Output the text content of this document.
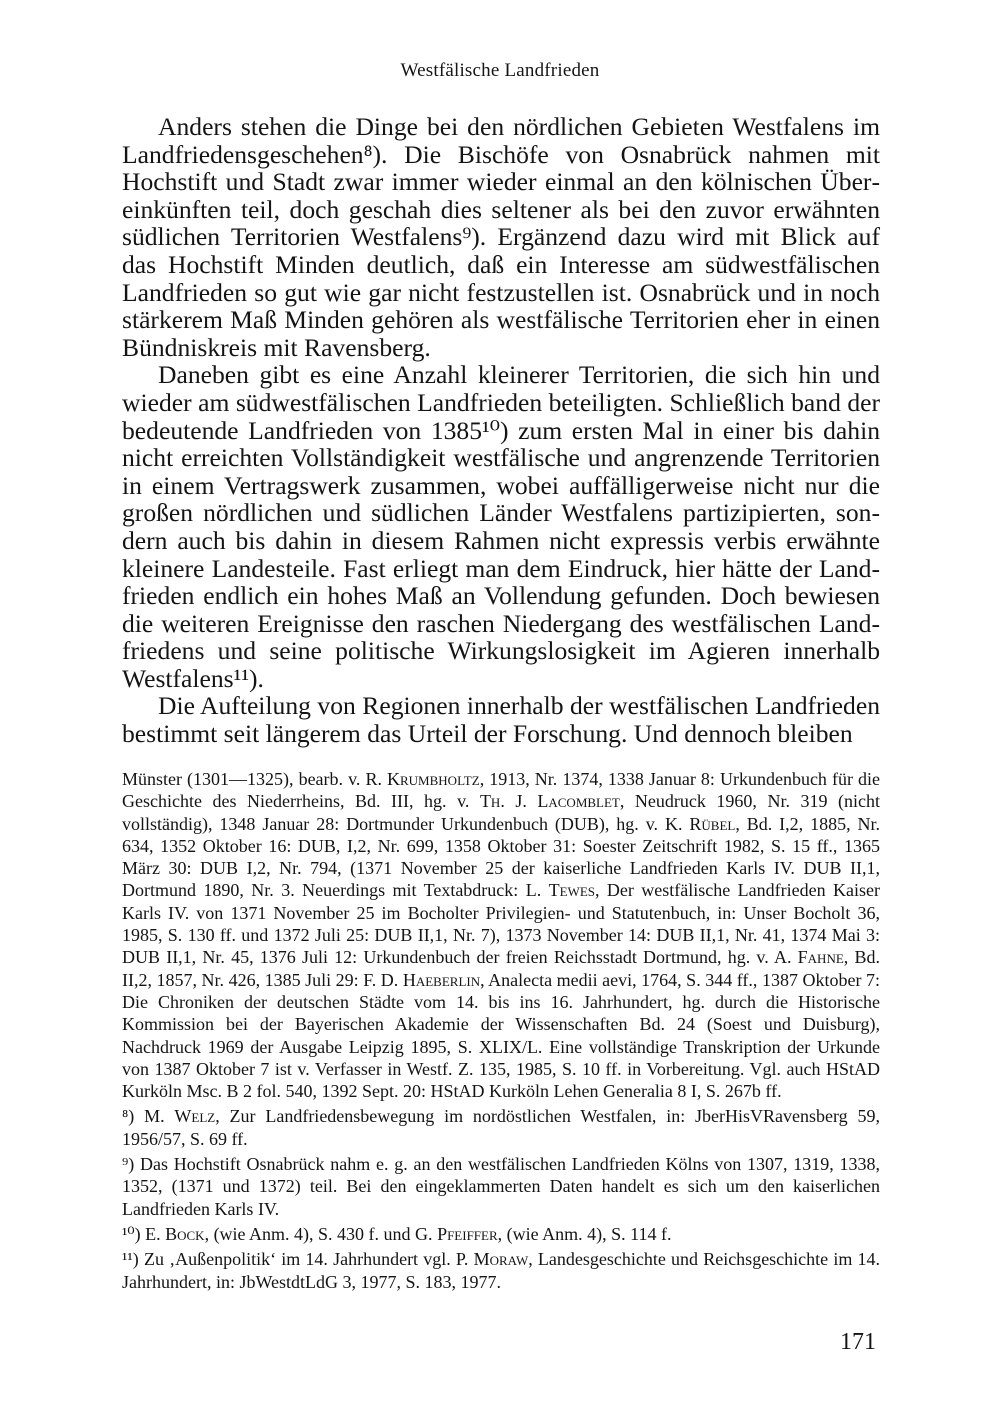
Westfälische Landfrieden

Anders stehen die Dinge bei den nördlichen Gebieten Westfalens im Landfriedensgeschehen⁸). Die Bischöfe von Osnabrück nahmen mit Hochstift und Stadt zwar immer wieder einmal an den kölnischen Übereinkünften teil, doch geschah dies seltener als bei den zuvor erwähnten südlichen Territorien Westfalens⁹). Ergänzend dazu wird mit Blick auf das Hochstift Minden deutlich, daß ein Interesse am südwestfälischen Landfrieden so gut wie gar nicht festzustellen ist. Osnabrück und in noch stärkerem Maß Minden gehören als westfälische Territorien eher in einen Bündniskreis mit Ravensberg.

Daneben gibt es eine Anzahl kleinerer Territorien, die sich hin und wieder am südwestfälischen Landfrieden beteiligten. Schließlich band der bedeutende Landfrieden von 1385¹⁰) zum ersten Mal in einer bis dahin nicht erreichten Vollständigkeit westfälische und angrenzende Territorien in einem Vertragswerk zusammen, wobei auffälligerweise nicht nur die großen nördlichen und südlichen Länder Westfalens partizipierten, sondern auch bis dahin in diesem Rahmen nicht expressis verbis erwähnte kleinere Landesteile. Fast erliegt man dem Eindruck, hier hätte der Landfrieden endlich ein hohes Maß an Vollendung gefunden. Doch bewiesen die weiteren Ereignisse den raschen Niedergang des westfälischen Landfriedens und seine politische Wirkungslosigkeit im Agieren innerhalb Westfalens¹¹).

Die Aufteilung von Regionen innerhalb der westfälischen Landfrieden bestimmt seit längerem das Urteil der Forschung. Und dennoch bleiben

Münster (1301—1325), bearb. v. R. Krumbholtz, 1913, Nr. 1374, 1338 Januar 8: Urkundenbuch für die Geschichte des Niederrheins, Bd. III, hg. v. Th. J. Lacomblet, Neudruck 1960, Nr. 319 (nicht vollständig), 1348 Januar 28: Dortmunder Urkundenbuch (DUB), hg. v. K. Rübel, Bd. I,2, 1885, Nr. 634, 1352 Oktober 16: DUB, I,2, Nr. 699, 1358 Oktober 31: Soester Zeitschrift 1982, S. 15 ff., 1365 März 30: DUB I,2, Nr. 794, (1371 November 25 der kaiserliche Landfrieden Karls IV. DUB II,1, Dortmund 1890, Nr. 3. Neuerdings mit Textabdruck: L. Tewes, Der westfälische Landfrieden Kaiser Karls IV. von 1371 November 25 im Bocholter Privilegien- und Statutenbuch, in: Unser Bocholt 36, 1985, S. 130 ff. und 1372 Juli 25: DUB II,1, Nr. 7), 1373 November 14: DUB II,1, Nr. 41, 1374 Mai 3: DUB II,1, Nr. 45, 1376 Juli 12: Urkundenbuch der freien Reichsstadt Dortmund, hg. v. A. Fahne, Bd. II,2, 1857, Nr. 426, 1385 Juli 29: F. D. Haeberlin, Analecta medii aevi, 1764, S. 344 ff., 1387 Oktober 7: Die Chroniken der deutschen Städte vom 14. bis ins 16. Jahrhundert, hg. durch die Historische Kommission bei der Bayerischen Akademie der Wissenschaften Bd. 24 (Soest und Duisburg), Nachdruck 1969 der Ausgabe Leipzig 1895, S. XLIX/L. Eine vollständige Transkription der Urkunde von 1387 Oktober 7 ist v. Verfasser in Westf. Z. 135, 1985, S. 10 ff. in Vorbereitung. Vgl. auch HStAD Kurköln Msc. B 2 fol. 540, 1392 Sept. 20: HStAD Kurköln Lehen Generalia 8 I, S. 267b ff.

⁸) M. Welz, Zur Landfriedensbewegung im nordöstlichen Westfalen, in: JberHisVRavensberg 59, 1956/57, S. 69 ff.

⁹) Das Hochstift Osnabrück nahm e. g. an den westfälischen Landfrieden Kölns von 1307, 1319, 1338, 1352, (1371 und 1372) teil. Bei den eingeklammerten Daten handelt es sich um den kaiserlichen Landfrieden Karls IV.

¹⁰) E. Bock, (wie Anm. 4), S. 430 f. und G. Pfeiffer, (wie Anm. 4), S. 114 f.

¹¹) Zu ‚Außenpolitik‘ im 14. Jahrhundert vgl. P. Moraw, Landesgeschichte und Reichsgeschichte im 14. Jahrhundert, in: JbWestdtLdG 3, 1977, S. 183, 1977.

171
